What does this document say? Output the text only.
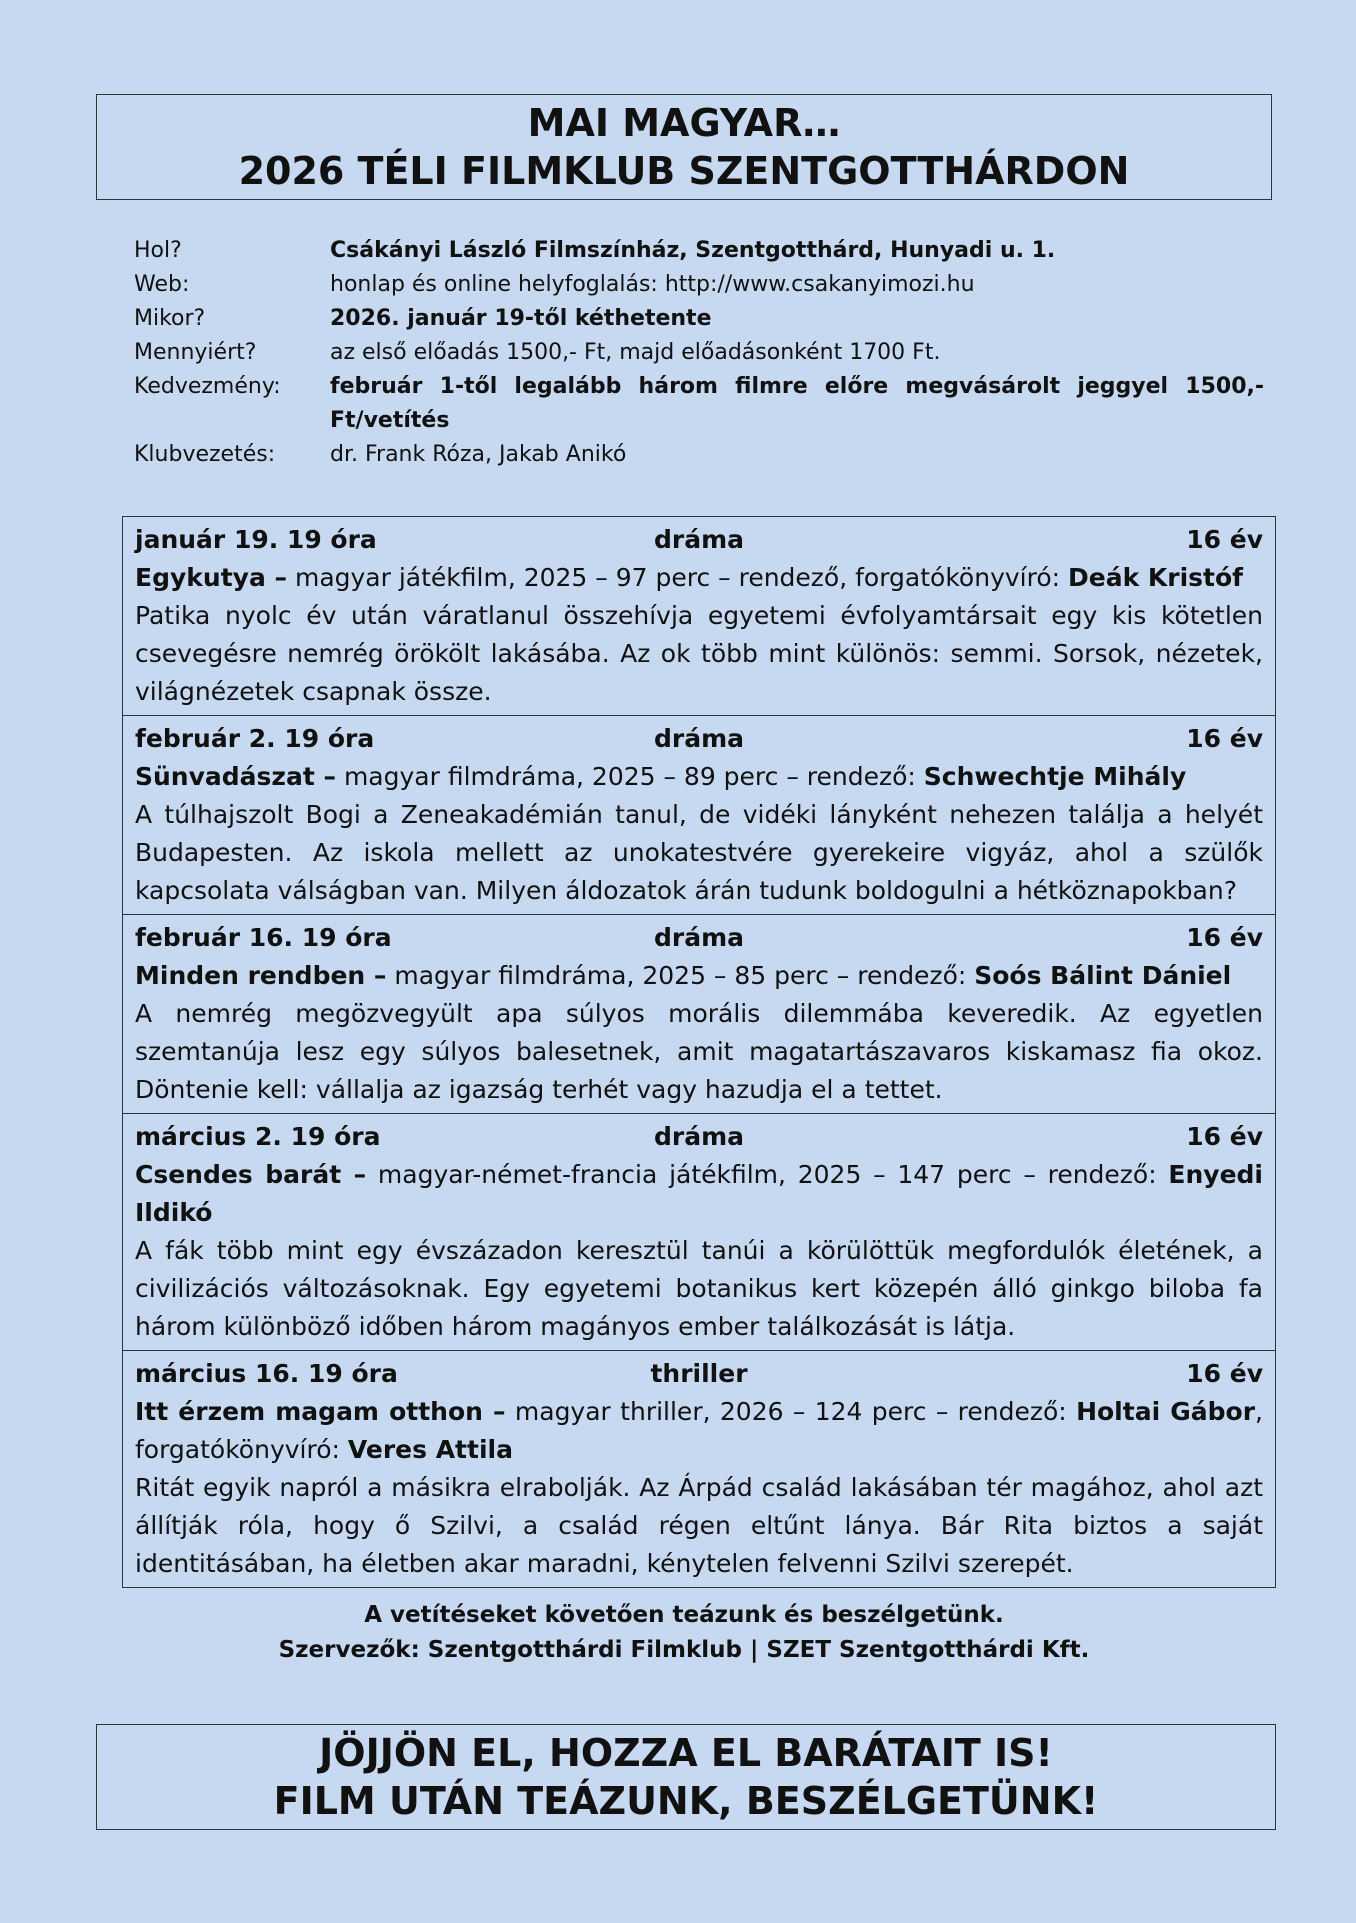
MAI MAGYAR…
2026 TÉLI FILMKLUB SZENTGOTTHÁRDON
Hol?	Csákányi László Filmszínház, Szentgotthárd, Hunyadi u. 1.
Web:	honlap és online helyfoglalás: http://www.csakanyimozi.hu
Mikor?	2026. január 19-től kéthetente
Mennyiért?	az első előadás 1500,- Ft, majd előadásonként 1700 Ft.
Kedvezmény:	február 1-től legalább három filmre előre megvásárolt jeggyel 1500,- Ft/vetítés
Klubvezetés:	dr. Frank Róza, Jakab Anikó
január 19. 19 óra	dráma	16 év
Egykutya – magyar játékfilm, 2025 – 97 perc – rendező, forgatókönyvíró: Deák Kristóf
Patika nyolc év után váratlanul összehívja egyetemi évfolyamtársait egy kis kötetlen csevegésre nemrég örökölt lakásába. Az ok több mint különös: semmi. Sorsok, nézetek, világnézetek csapnak össze.
február 2. 19 óra	dráma	16 év
Sünvadászat – magyar filmdráma, 2025 – 89 perc – rendező: Schwechtje Mihály
A túlhajszolt Bogi a Zeneakadémián tanul, de vidéki lányként nehezen találja a helyét Budapesten. Az iskola mellett az unokatestvére gyerekeire vigyáz, ahol a szülők kapcsolata válságban van. Milyen áldozatok árán tudunk boldogulni a hétköznapokban?
február 16. 19 óra	dráma	16 év
Minden rendben – magyar filmdráma, 2025 – 85 perc – rendező: Soós Bálint Dániel
A nemrég megözvegyült apa súlyos morális dilemmába keveredik. Az egyetlen szemtanúja lesz egy súlyos balesetnek, amit magatartászavaros kiskamasz fia okoz. Döntenie kell: vállalja az igazság terhét vagy hazudja el a tettet.
március 2. 19 óra	dráma	16 év
Csendes barát – magyar-német-francia játékfilm, 2025 – 147 perc – rendező: Enyedi Ildikó
A fák több mint egy évszázadon keresztül tanúi a körülöttük megfordulók életének, a civilizációs változásoknak. Egy egyetemi botanikus kert közepén álló ginkgo biloba fa három különböző időben három magányos ember találkozását is látja.
március 16. 19 óra	thriller	16 év
Itt érzem magam otthon – magyar thriller, 2026 – 124 perc – rendező: Holtai Gábor, forgatókönyvíró: Veres Attila
Ritát egyik napról a másikra elrabolják. Az Árpád család lakásában tér magához, ahol azt állítják róla, hogy ő Szilvi, a család régen eltűnt lánya. Bár Rita biztos a saját identitásában, ha életben akar maradni, kénytelen felvenni Szilvi szerepét.
A vetítéseket követően teázunk és beszélgetünk.
Szervezők: Szentgotthárdi Filmklub | SZET Szentgotthárdi Kft.
JÖJJÖN EL, HOZZA EL BARÁTAIT IS!
FILM UTÁN TEÁZUNK, BESZÉLGETÜNK!
